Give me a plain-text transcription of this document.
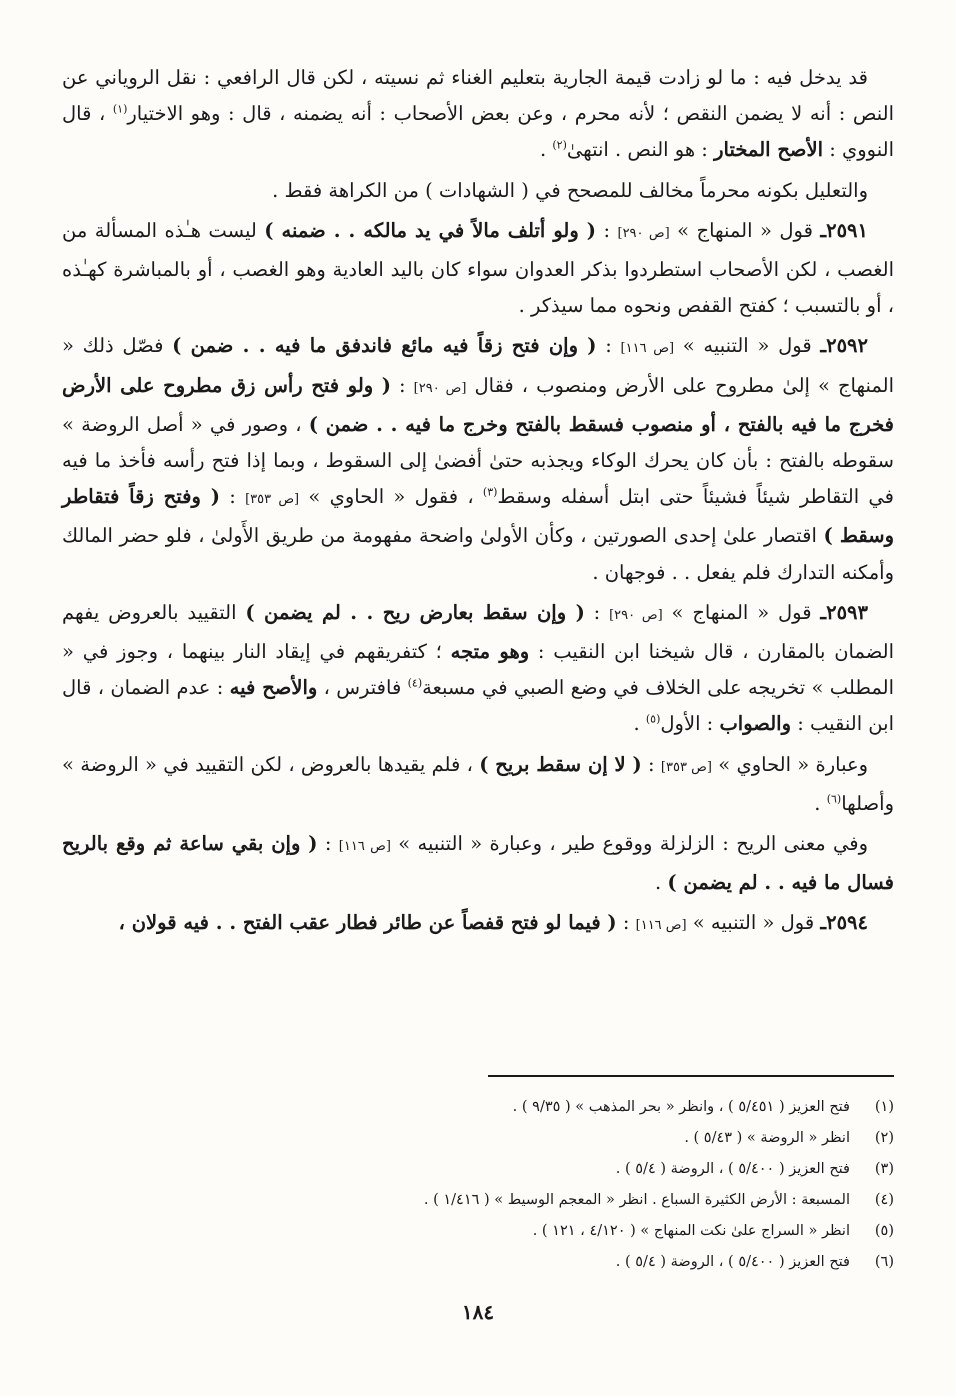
قد يدخل فيه : ما لو زادت قيمة الجارية بتعليم الغناء ثم نسيته ، لكن قال الرافعي : نقل الروياني عن النص : أنه لا يضمن النقص ؛ لأنه محرم ، وعن بعض الأصحاب : أنه يضمنه ، قال : وهو الاختيار$^{(١)}$ ، قال النووي : الأصح المختار : هو النص . انتهىٰ$^{(٢)}$ .

والتعليل بكونه محرماً مخالف للمصحح في ( الشهادات ) من الكراهة فقط .

٢٥٩١ـ قول « المنهاج » [ص ٢٩٠] : ( ولو أتلف مالاً في يد مالكه . . ضمنه ) ليست هـٰذه المسألة من الغصب ، لكن الأصحاب استطردوا بذكر العدوان سواء كان باليد العادية وهو الغصب ، أو بالمباشرة كهـٰذه ، أو بالتسبب ؛ كفتح القفص ونحوه مما سيذكر .

٢٥٩٢ـ قول « التنبيه » [ص ١١٦] : ( وإن فتح زقاً فيه مائع فاندفق ما فيه . . ضمن ) فصّل ذلك « المنهاج » إلىٰ مطروح على الأرض ومنصوب ، فقال [ص ٢٩٠] : ( ولو فتح رأس زق مطروح على الأرض فخرج ما فيه بالفتح ، أو منصوب فسقط بالفتح وخرج ما فيه . . ضمن ) ، وصور في « أصل الروضة » سقوطه بالفتح : بأن كان يحرك الوكاء ويجذبه حتىٰ أفضىٰ إلى السقوط ، وبما إذا فتح رأسه فأخذ ما فيه في التقاطر شيئاً فشيئاً حتى ابتل أسفله وسقط$^{(٣)}$ ، فقول « الحاوي » [ص ٣٥٣] : ( وفتح زقاً فتقاطر وسقط ) اقتصار علىٰ إحدى الصورتين ، وكأن الأولىٰ واضحة مفهومة من طريق الأَولىٰ ، فلو حضر المالك وأمكنه التدارك فلم يفعل . . فوجهان .

٢٥٩٣ـ قول « المنهاج » [ص ٢٩٠] : ( وإن سقط بعارض ريح . . لم يضمن ) التقييد بالعروض يفهم الضمان بالمقارن ، قال شيخنا ابن النقيب : وهو متجه ؛ كتفريقهم في إيقاد النار بينهما ، وجوز في « المطلب » تخريجه على الخلاف في وضع الصبي في مسبعة$^{(٤)}$ فافترس ، والأصح فيه : عدم الضمان ، قال ابن النقيب : والصواب : الأول$^{(٥)}$ .

وعبارة « الحاوي » [ص ٣٥٣] : ( لا إن سقط بريح ) ، فلم يقيدها بالعروض ، لكن التقييد في « الروضة » وأصلها$^{(٦)}$ .

وفي معنى الريح : الزلزلة ووقوع طير ، وعبارة « التنبيه » [ص ١١٦] : ( وإن بقي ساعة ثم وقع بالريح فسال ما فيه . . لم يضمن ) .

٢٥٩٤ـ قول « التنبيه » [ص ١١٦] : ( فيما لو فتح قفصاً عن طائر فطار عقب الفتح . . فيه قولان ،

(١)
فتح العزيز ( ٥/٤٥١ ) ، وانظر « بحر المذهب » ( ٩/٣٥ ) .
(٢)
انظر « الروضة » ( ٥/٤٣ ) .
(٣)
فتح العزيز ( ٥/٤٠٠ ) ، الروضة ( ٥/٤ ) .
(٤)
المسبعة : الأرض الكثيرة السباع . انظر « المعجم الوسيط » ( ١/٤١٦ ) .
(٥)
انظر « السراج علىٰ نكت المنهاج » ( ٤/١٢٠ ، ١٢١ ) .
(٦)
فتح العزيز ( ٥/٤٠٠ ) ، الروضة ( ٥/٤ ) .
١٨٤
